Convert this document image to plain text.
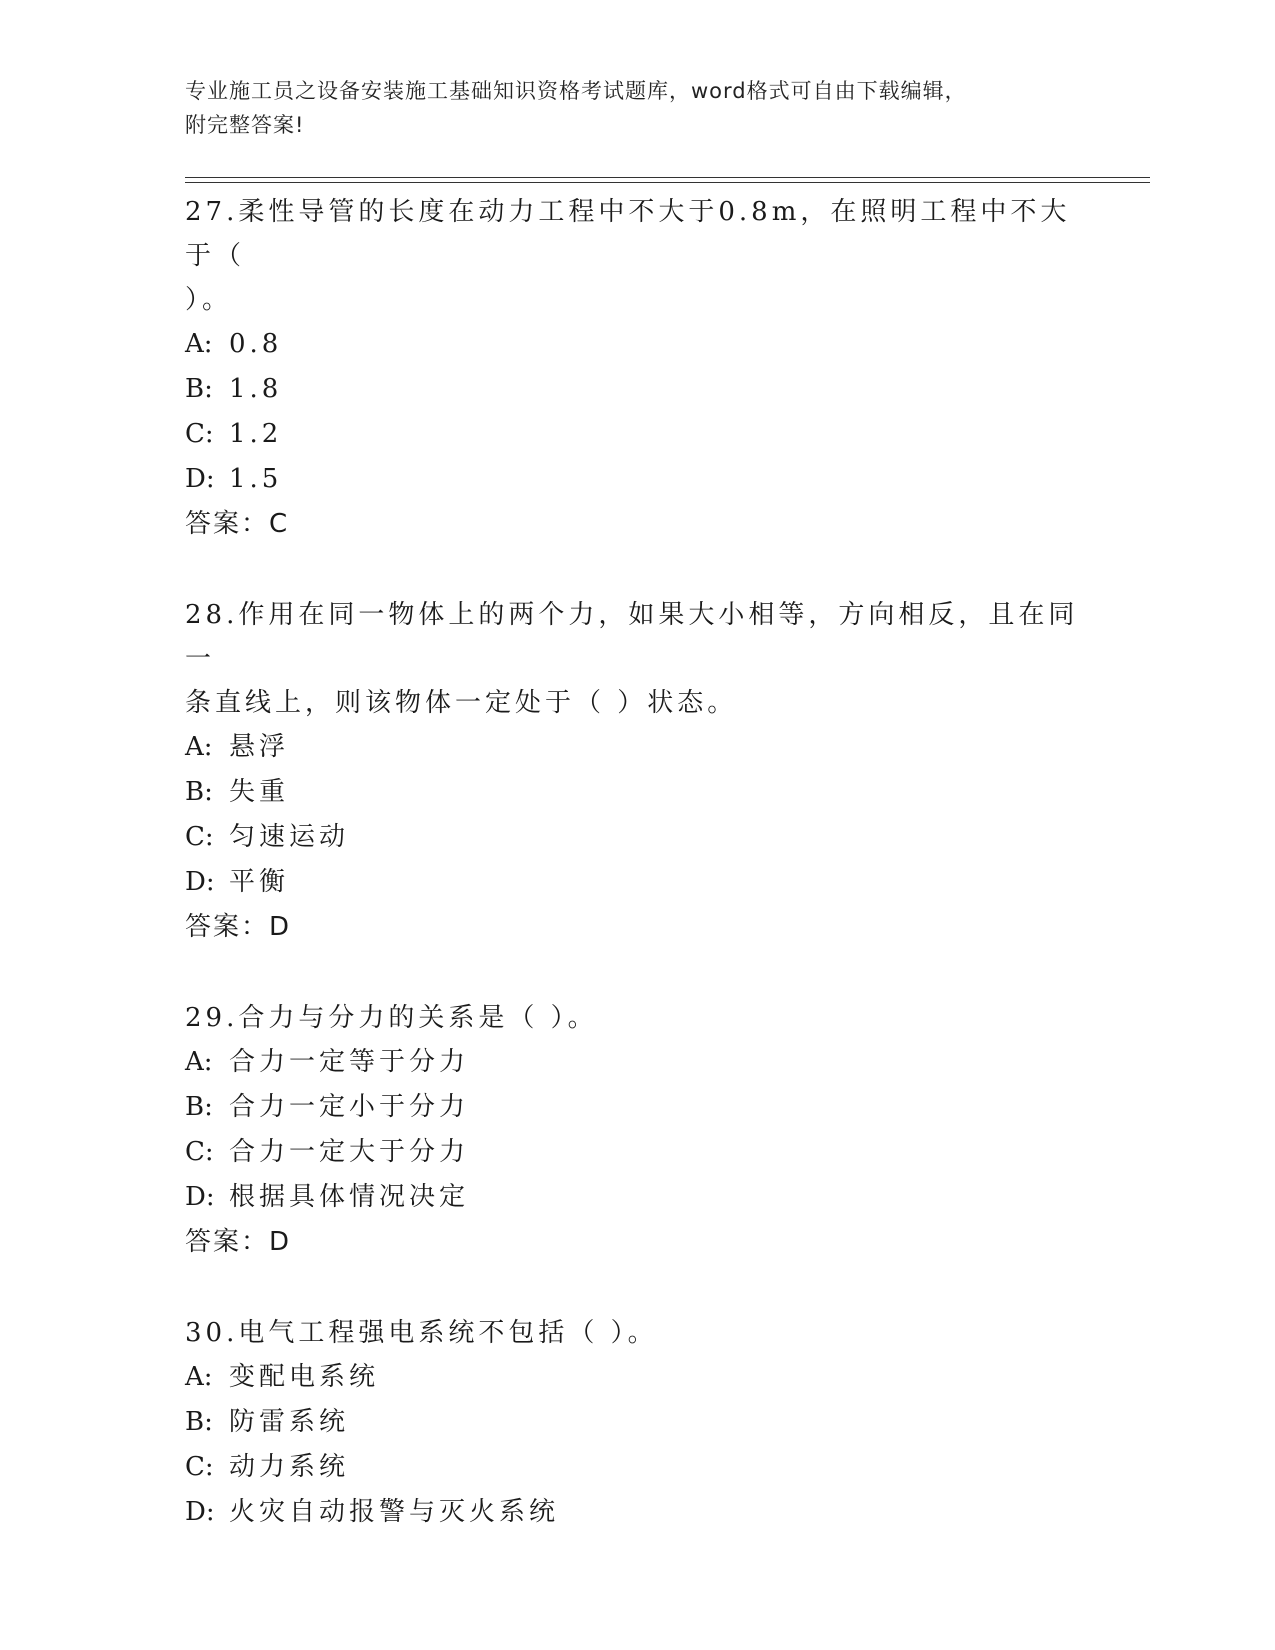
专业施工员之设备安装施工基础知识资格考试题库，word格式可自由下载编辑，
附完整答案!

27.柔性导管的长度在动力工程中不大于0.8m，在照明工程中不大于（

）。

A: 0.8

B: 1.8

C: 1.2

D: 1.5

答案：C

28.作用在同一物体上的两个力，如果大小相等，方向相反，且在同一

条直线上，则该物体一定处于（ ）状态。

A: 悬浮

B: 失重

C: 匀速运动

D: 平衡

答案：D

29.合力与分力的关系是（ ）。

A: 合力一定等于分力

B: 合力一定小于分力

C: 合力一定大于分力

D: 根据具体情况决定

答案：D

30.电气工程强电系统不包括（ ）。

A: 变配电系统

B: 防雷系统

C: 动力系统

D: 火灾自动报警与灭火系统
